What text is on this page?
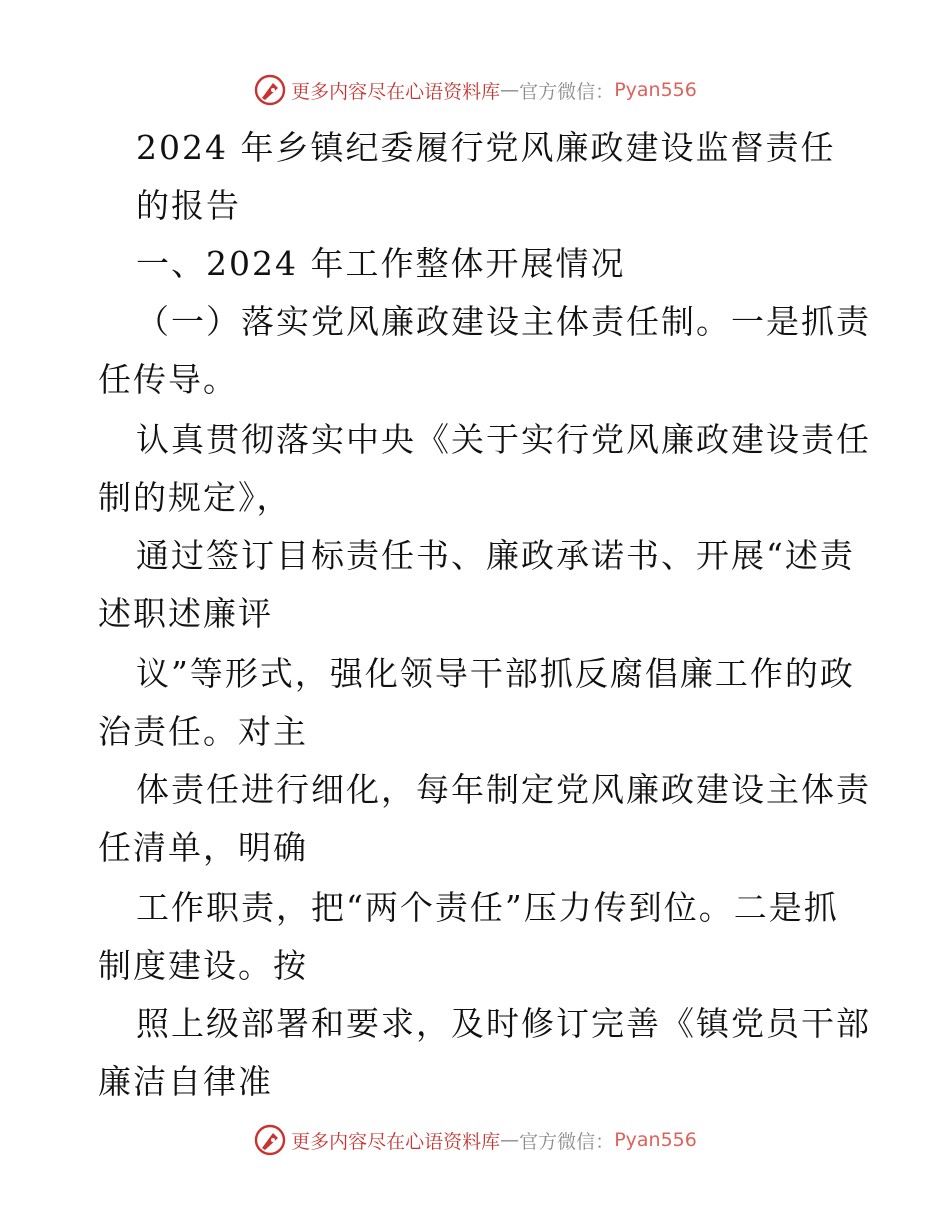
更多内容尽在心语资料库 — 官方微信： Pyan556
2024 年乡镇纪委履行党风廉政建设监督责任
的报告
一、2024 年工作整体开展情况
（一）落实党风廉政建设主体责任制。一是抓责
任传导。
认真贯彻落实中央《关于实行党风廉政建设责任
制的规定》，
通过签订目标责任书、廉政承诺书、开展“述责
述职述廉评
议”等形式，强化领导干部抓反腐倡廉工作的政
治责任。对主
体责任进行细化，每年制定党风廉政建设主体责
任清单，明确
工作职责，把“两个责任”压力传到位。二是抓
制度建设。按
照上级部署和要求，及时修订完善《镇党员干部
廉洁自律准
更多内容尽在心语资料库 — 官方微信： Pyan556
